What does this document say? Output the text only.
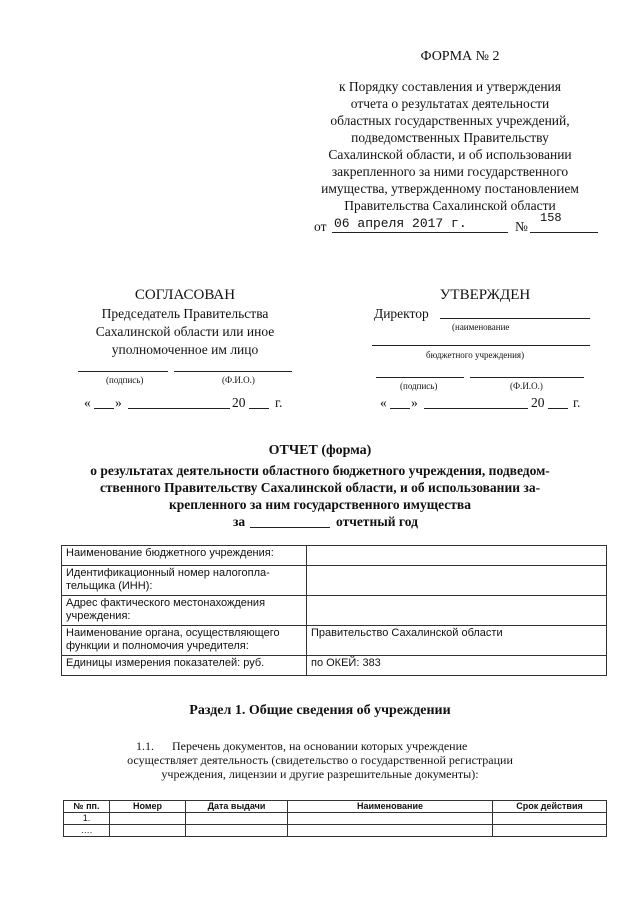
ФОРМА № 2
к Порядку составления и утверждения
отчета о результатах деятельности
областных государственных учреждений,
подведомственных Правительству
Сахалинской области, и об использовании
закрепленного за ними государственного
имущества, утвержденному постановлением
Правительства Сахалинской области
от 06 апреля 2017 г.	№
158
СОГЛАСОВАН
Председатель Правительства
Сахалинской области или иное
уполномоченное им лицо
(подпись)	(Ф.И.О.)
« »	20 г.
УТВЕРЖДЕН
Директор
(наименование
бюджетного учреждения)
(подпись)	(Ф.И.О.)
« »	20 г.
ОТЧЕТ (форма)
о результатах деятельности областного бюджетного учреждения, подведом-
ственного Правительству Сахалинской области, и об использовании за-
крепленного за ним государственного имущества
за	отчетный год
Наименование бюджетного учреждения:	
Идентификационный номер налогопла-тельщика (ИНН):	
Адрес фактического местонахождения учреждения:	
Наименование органа, осуществляющего функции и полномочия учредителя:	Правительство Сахалинской области
Единицы измерения показателей: руб.	по ОКЕЙ: 383
Раздел 1. Общие сведения об учреждении
1.1. Перечень документов, на основании которых учреждение
осуществляет деятельность (свидетельство о государственной регистрации
учреждения, лицензии и другие разрешительные документы):
№ пп.	Номер	Дата выдачи	Наименование	Срок действия
1.				
….				
